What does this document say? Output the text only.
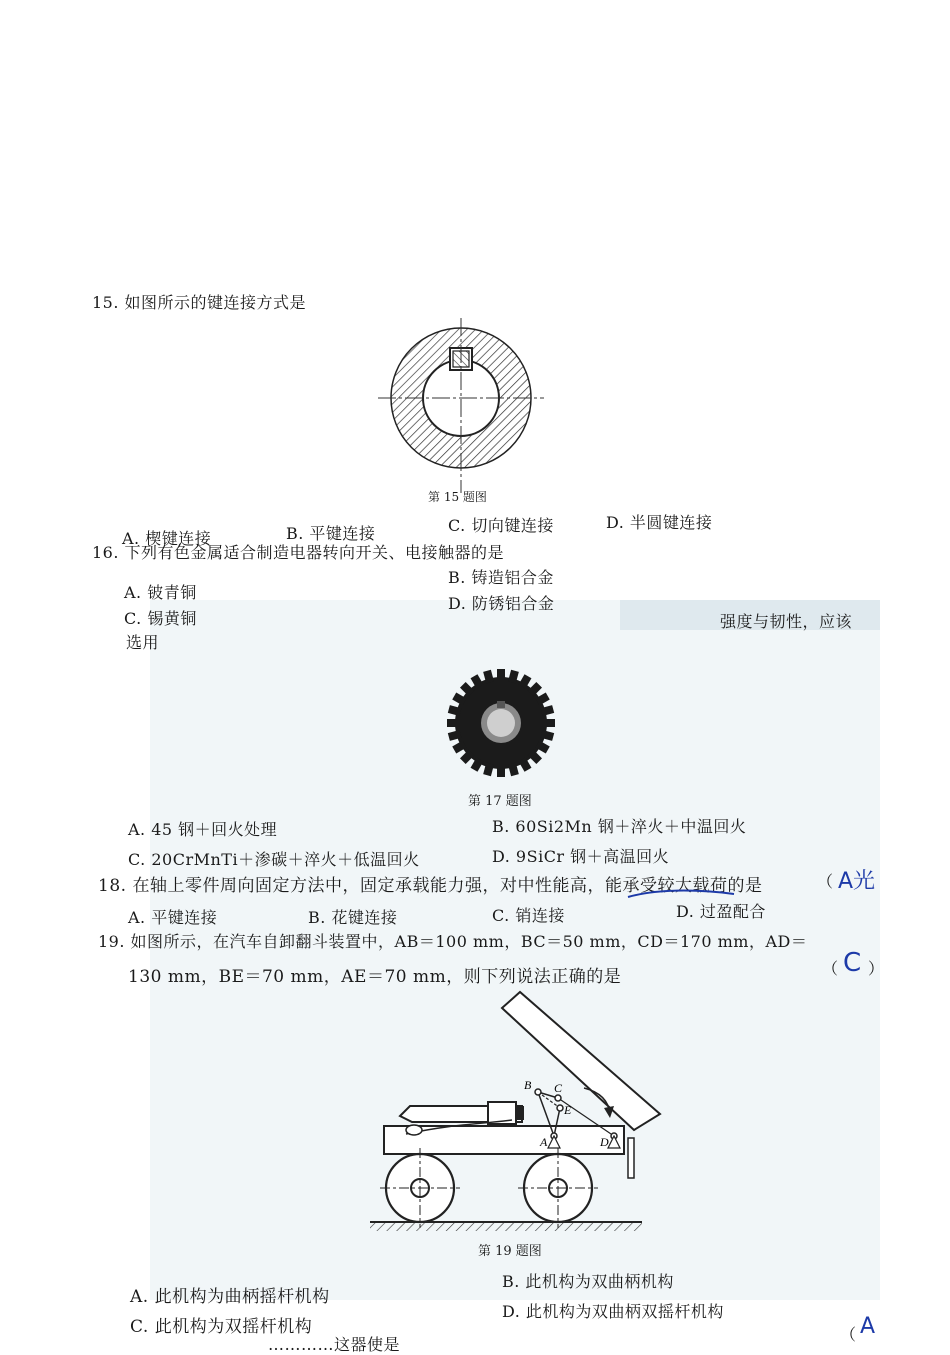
15. 如图所示的键连接方式是
第 15 题图
A. 楔键连接	B. 平键连接	C. 切向键连接	D. 半圆键连接
16. 下列有色金属适合制造电器转向开关、电接触器的是
A. 铍青铜
B. 铸造铝合金
C. 锡黄铜
D. 防锈铝合金
强度与韧性，应该
选用
第 17 题图
A. 45 钢＋回火处理	B. 60Si2Mn 钢＋淬火＋中温回火
C. 20CrMnTi＋渗碳＋淬火＋低温回火	D. 9SiCr 钢＋高温回火
18. 在轴上零件周向固定方法中，固定承载能力强，对中性能高，能承受较大载荷的是	（ A光
A. 平键连接	B. 花键连接	C. 销连接	D. 过盈配合
19. 如图所示，在汽车自卸翻斗装置中，AB＝100 mm，BC＝50 mm，CD＝170 mm，AD＝
130 mm，BE＝70 mm，AE＝70 mm，则下列说法正确的是	（ C ）
B C
E
A	D
第 19 题图
A. 此机构为曲柄摇杆机构
B. 此机构为双曲柄机构
C. 此机构为双摇杆机构
D. 此机构为双曲柄双摇杆机构
…………这器使是
（ A
